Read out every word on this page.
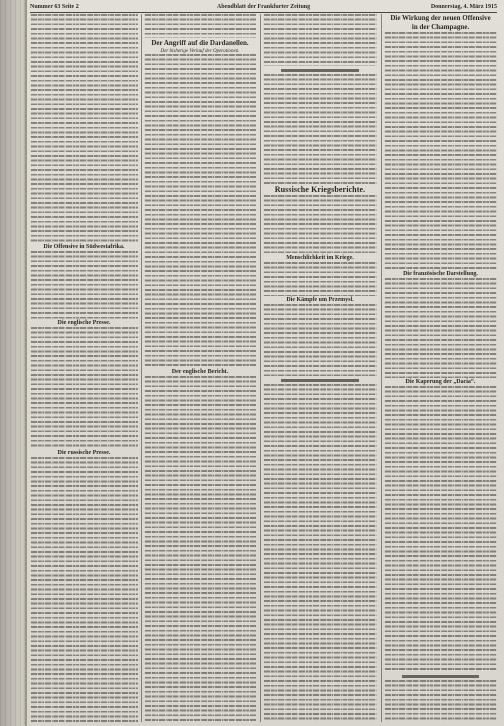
Nummer 63 Seite 2	Abendblatt der Frankfurter Zeitung	Donnerstag, 4. März 1915
Die Offensive in Südwestafrika.
Die englische Presse.
Die russische Presse.
Der Angriff auf die Dardanellen.
Der bisherige Verlauf der Operationen.
Der englische Bericht.
Russische Kriegsberichte.
Menschlichkeit im Kriege.
Die Kämpfe um Przemysl.
Die Wirkung der neuen Offensive
in der Champagne.
Die französische Darstellung.
Die Kaperung der „Dacia“.
